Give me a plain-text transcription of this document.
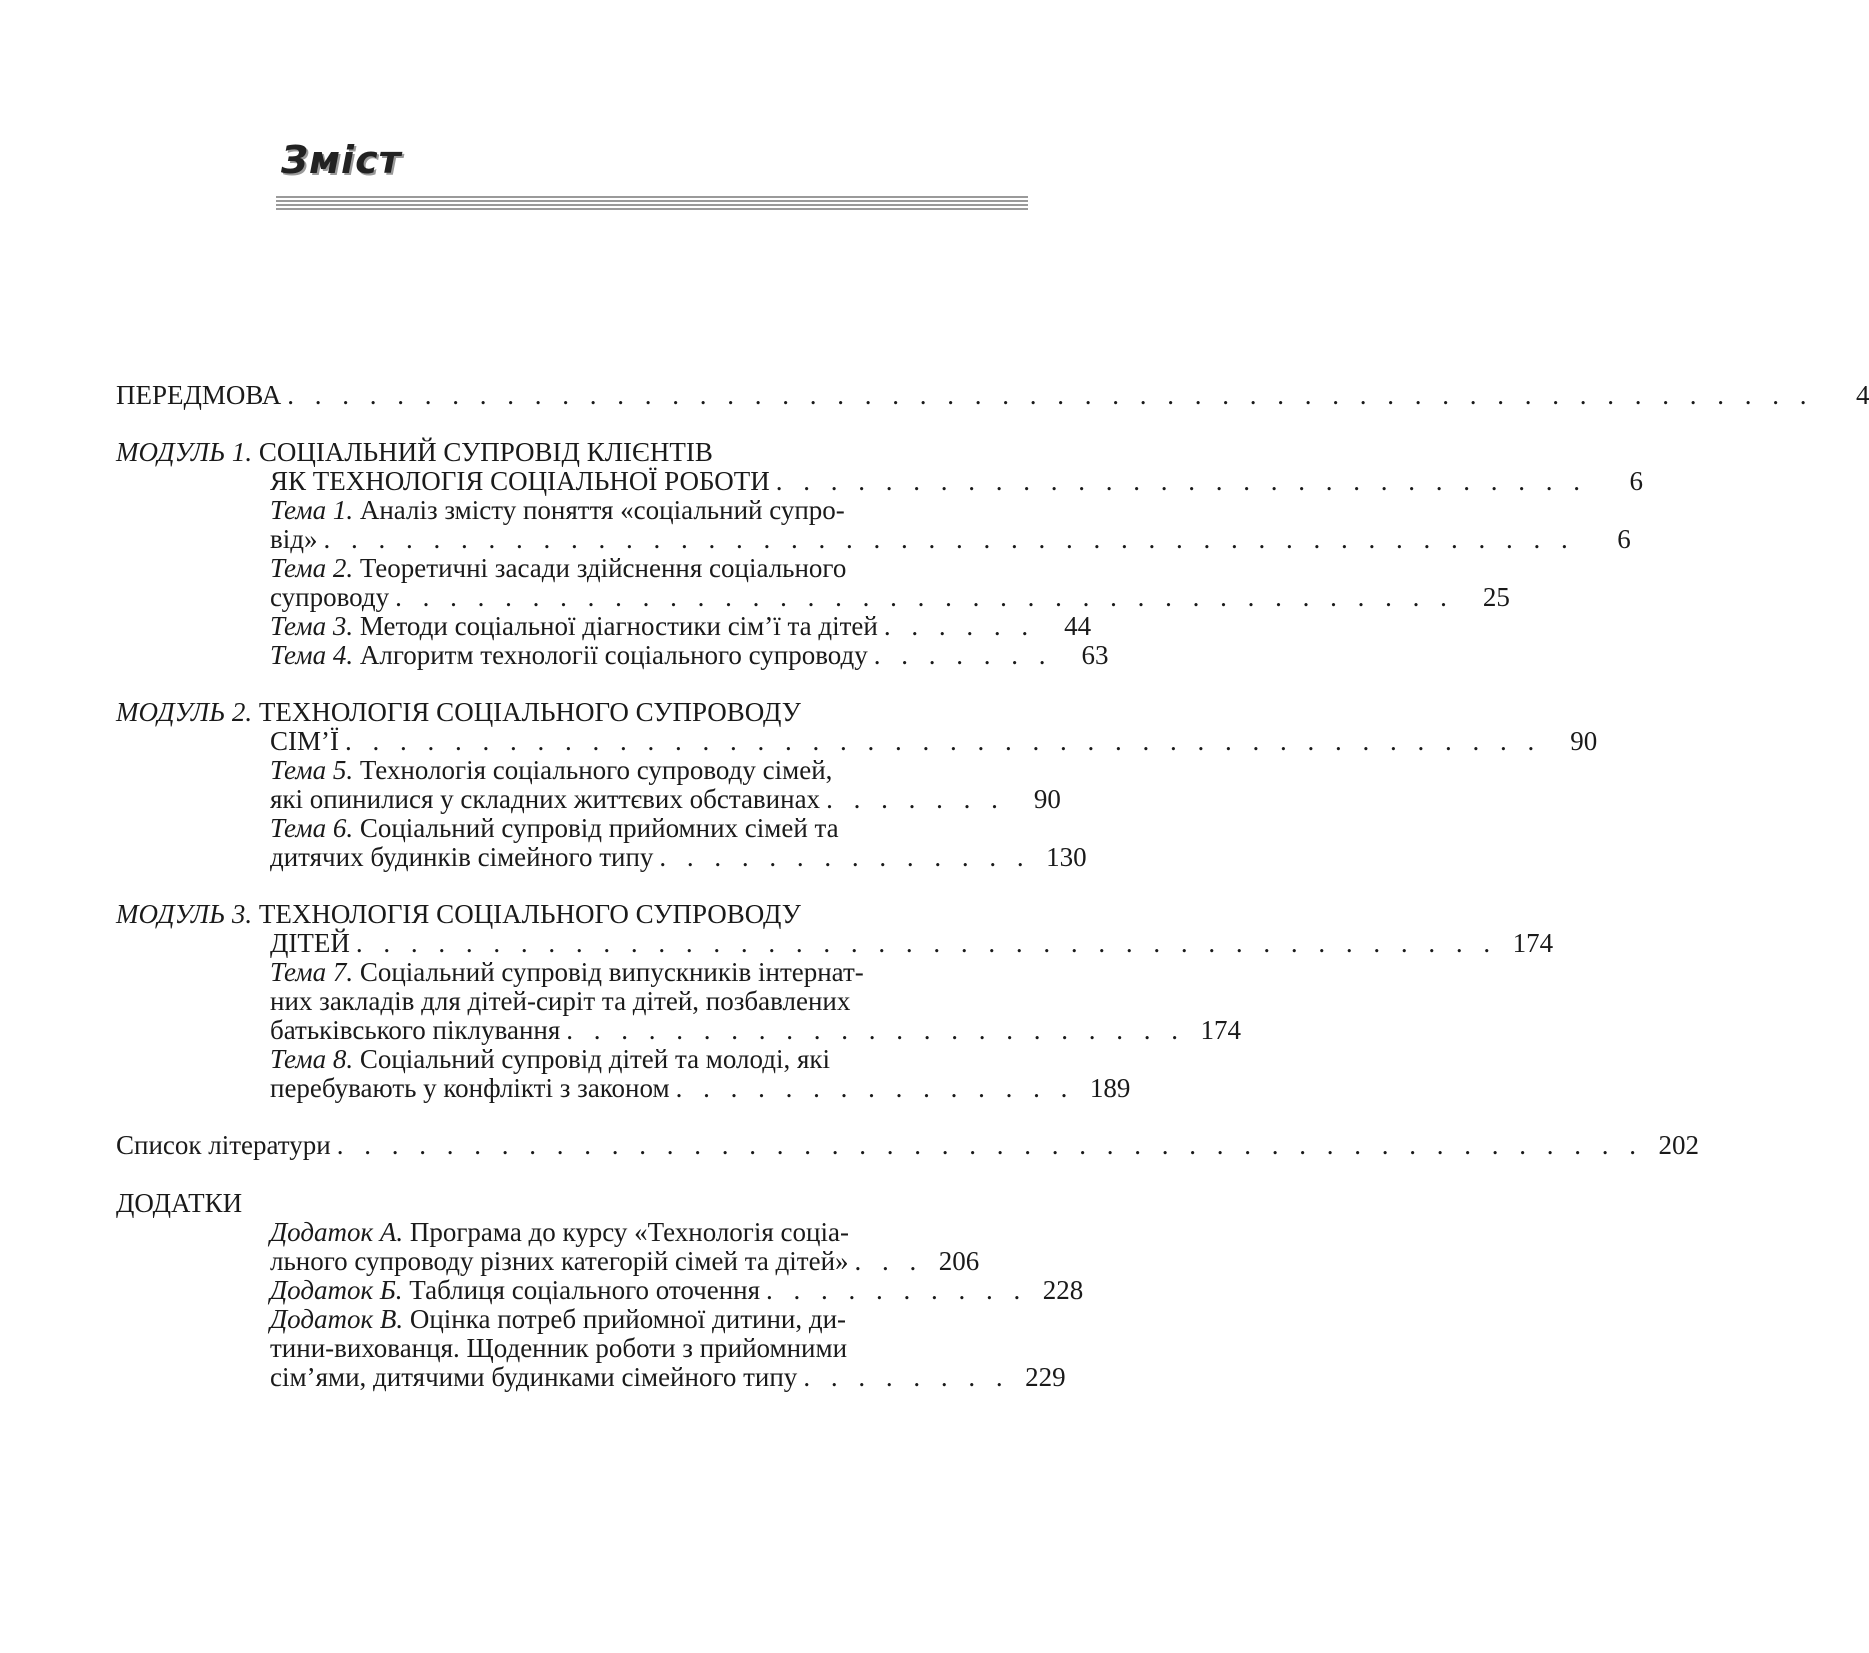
Зміст
ПЕРЕДМОВА . . . . . . . . . . . . . . . . . . . . . . . . . . . . . . . . . . . . . . . . . . . . . . . . . . . . . . . .	4
МОДУЛЬ 1. СОЦІАЛЬНИЙ СУПРОВІД КЛІЄНТІВ
ЯК ТЕХНОЛОГІЯ СОЦІАЛЬНОЇ РОБОТИ . . . . . . . . . . . . . . . . . . . . . . . . . . . . . .	6
Тема 1. Аналіз змісту поняття «соціальний супро-
від» . . . . . . . . . . . . . . . . . . . . . . . . . . . . . . . . . . . . . . . . . . . . . .	6
Тема 2. Теоретичні засади здійснення соціального
супроводу . . . . . . . . . . . . . . . . . . . . . . . . . . . . . . . . . . . . . . .	25
Тема 3. Методи соціальної діагностики сім’ї та дітей . . . . . .	44
Тема 4. Алгоритм технології соціального супроводу . . . . . . .	63
МОДУЛЬ 2. ТЕХНОЛОГІЯ СОЦІАЛЬНОГО СУПРОВОДУ
СІМ’Ї . . . . . . . . . . . . . . . . . . . . . . . . . . . . . . . . . . . . . . . . . . . .	90
Тема 5. Технологія соціального супроводу сімей,
які опинилися у складних життєвих обставинах . . . . . . .	90
Тема 6. Соціальний супровід прийомних сімей та
дитячих будинків сімейного типу . . . . . . . . . . . . . . 130
МОДУЛЬ 3. ТЕХНОЛОГІЯ СОЦІАЛЬНОГО СУПРОВОДУ
ДІТЕЙ . . . . . . . . . . . . . . . . . . . . . . . . . . . . . . . . . . . . . . . . . . 174
Тема 7. Соціальний супровід випускників інтернат-
них закладів для дітей-сиріт та дітей, позбавлених
батьківського піклування . . . . . . . . . . . . . . . . . . . . . . . 174
Тема 8. Соціальний супровід дітей та молоді, які
перебувають у конфлікті з законом . . . . . . . . . . . . . . . 189
Список літератури . . . . . . . . . . . . . . . . . . . . . . . . . . . . . . . . . . . . . . . . . . . . . . . . 202
ДОДАТКИ
Додаток А. Програма до курсу «Технологія соціа-
льного супроводу різних категорій сімей та дітей» . . . 206
Додаток Б. Таблиця соціального оточення . . . . . . . . . . 228
Додаток В. Оцінка потреб прийомної дитини, ди-
тини-вихованця. Щоденник роботи з прийомними
сім’ями, дитячими будинками сімейного типу . . . . . . . . 229
